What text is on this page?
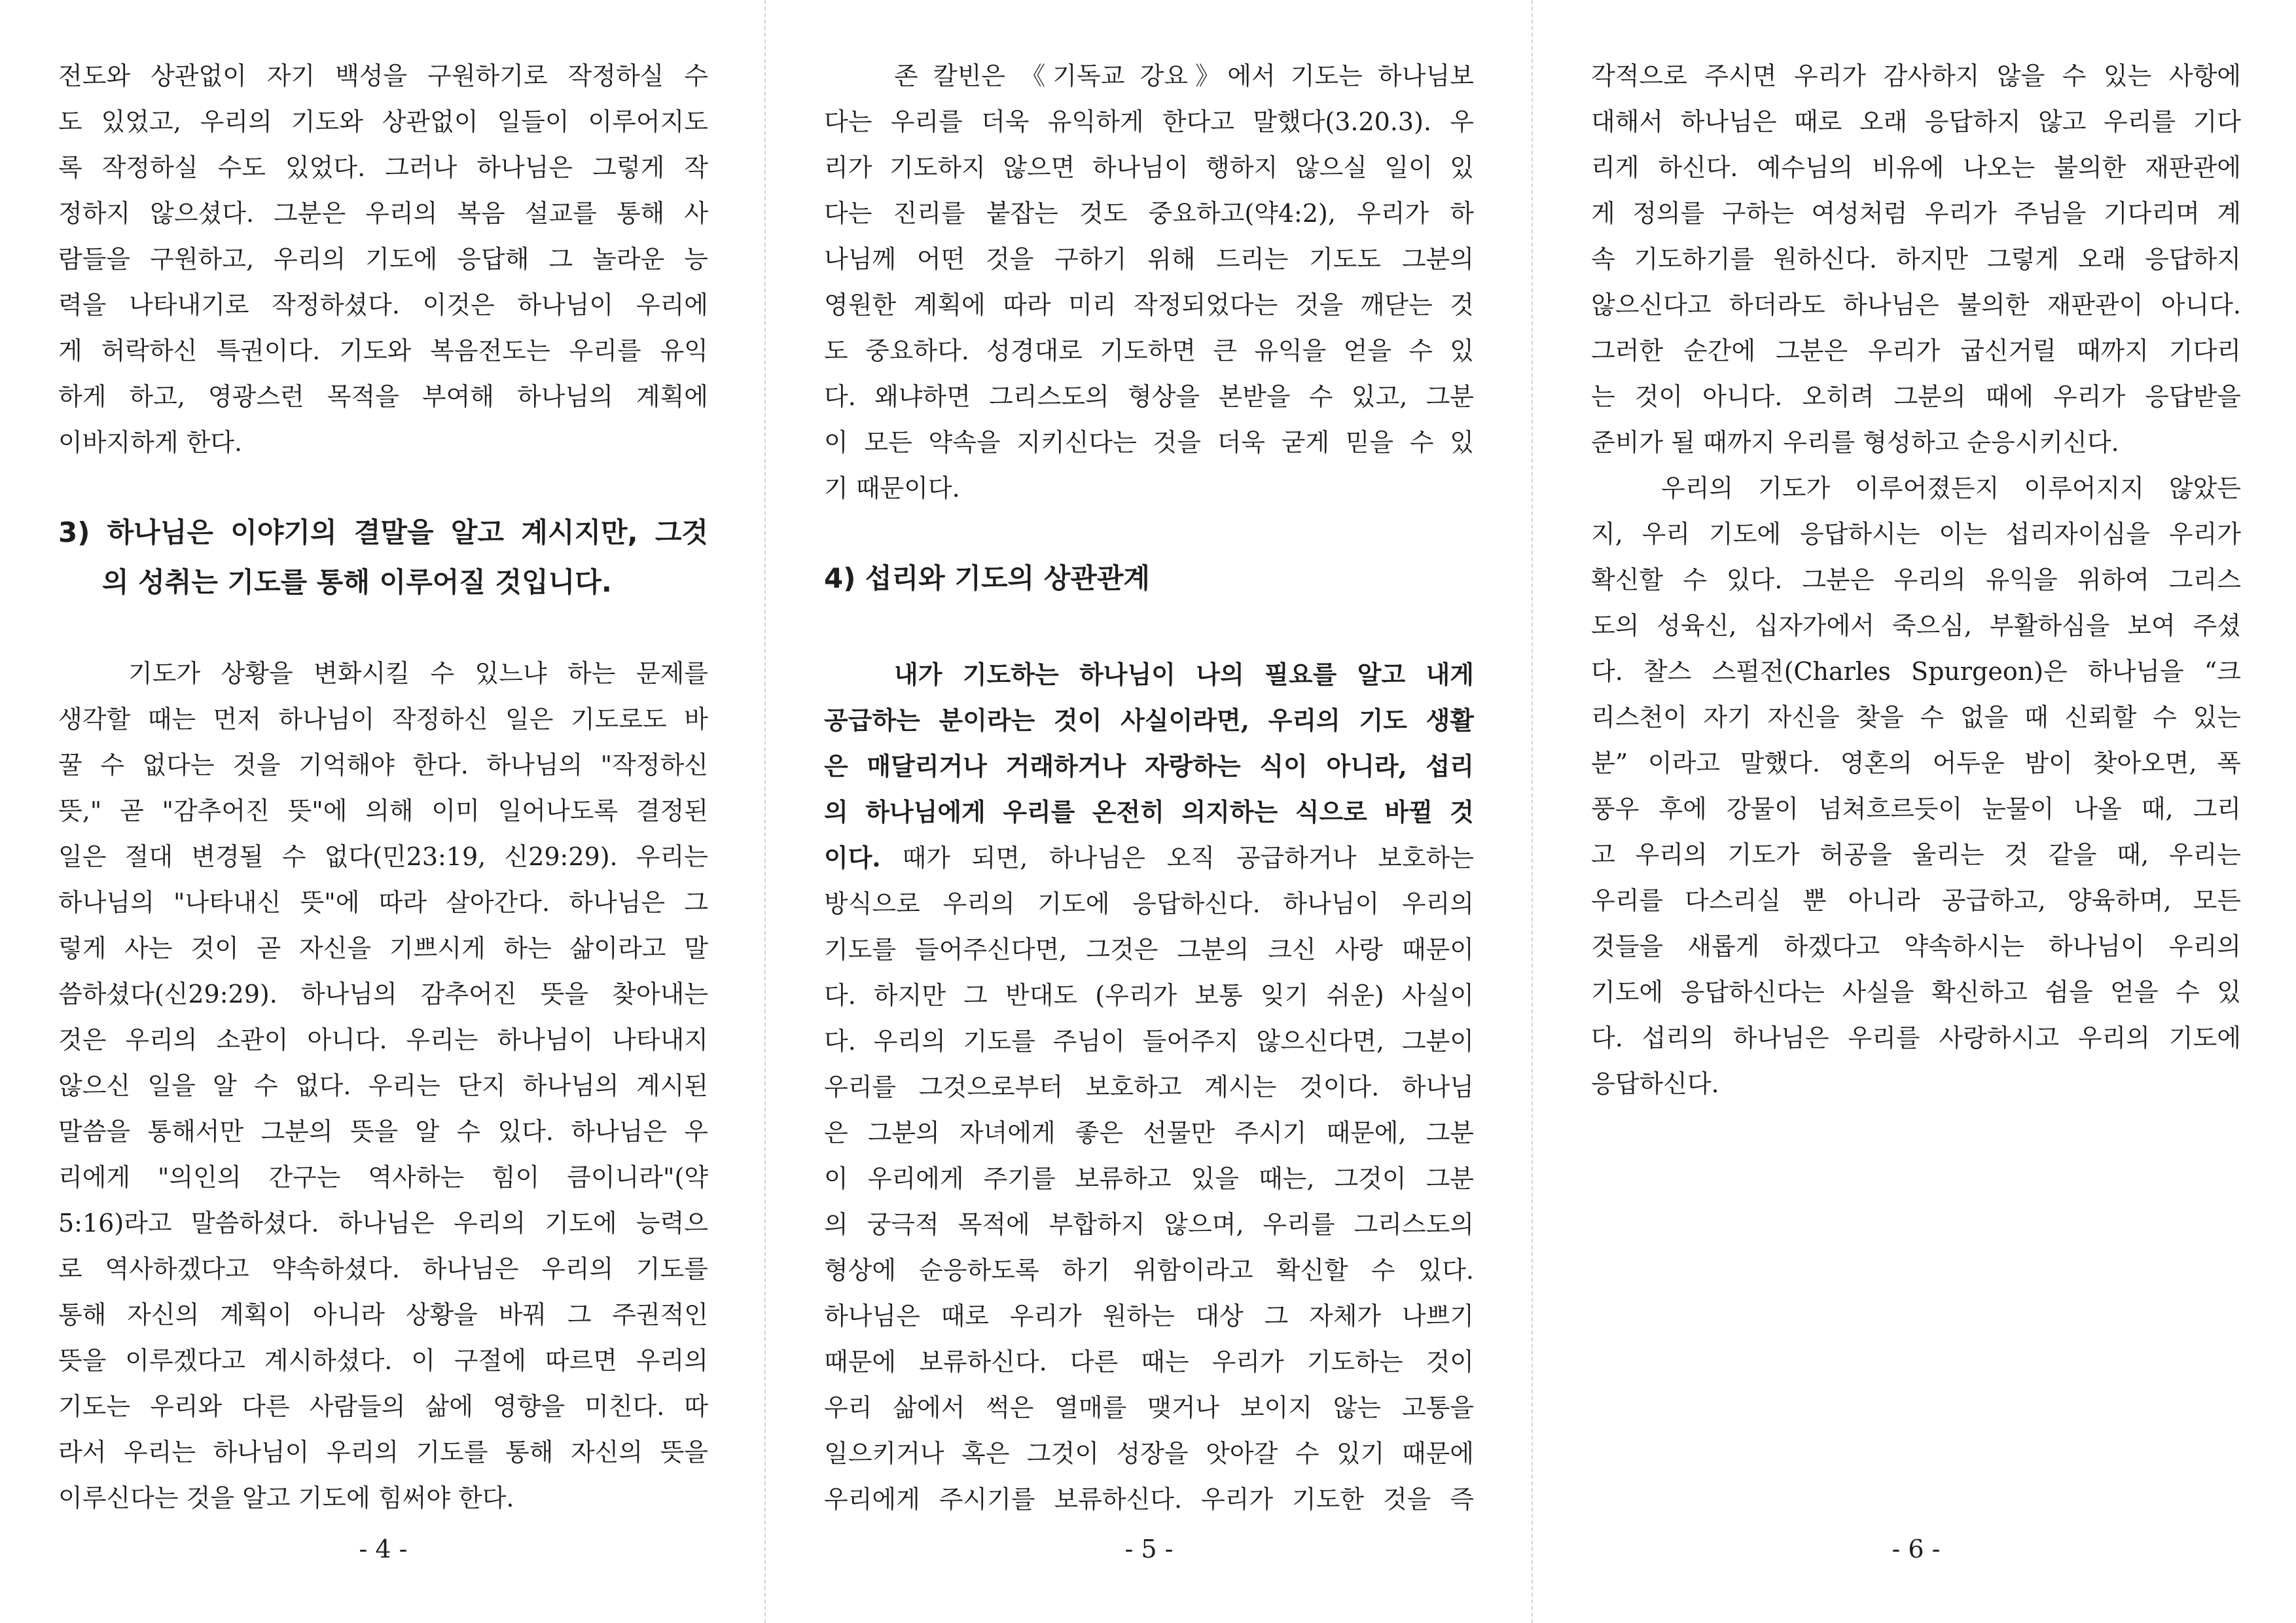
전도와 상관없이 자기 백성을 구원하기로 작정하실 수
도 있었고, 우리의 기도와 상관없이 일들이 이루어지도
록 작정하실 수도 있었다. 그러나 하나님은 그렇게 작
정하지 않으셨다. 그분은 우리의 복음 설교를 통해 사
람들을 구원하고, 우리의 기도에 응답해 그 놀라운 능
력을 나타내기로 작정하셨다. 이것은 하나님이 우리에
게 허락하신 특권이다. 기도와 복음전도는 우리를 유익
하게 하고, 영광스런 목적을 부여해 하나님의 계획에
이바지하게 한다.
3) 하나님은 이야기의 결말을 알고 계시지만, 그것
의 성취는 기도를 통해 이루어질 것입니다.
기도가 상황을 변화시킬 수 있느냐 하는 문제를
생각할 때는 먼저 하나님이 작정하신 일은 기도로도 바
꿀 수 없다는 것을 기억해야 한다. 하나님의 "작정하신
뜻," 곧 "감추어진 뜻"에 의해 이미 일어나도록 결정된
일은 절대 변경될 수 없다(민23:19, 신29:29). 우리는
하나님의 "나타내신 뜻"에 따라 살아간다. 하나님은 그
렇게 사는 것이 곧 자신을 기쁘시게 하는 삶이라고 말
씀하셨다(신29:29). 하나님의 감추어진 뜻을 찾아내는
것은 우리의 소관이 아니다. 우리는 하나님이 나타내지
않으신 일을 알 수 없다. 우리는 단지 하나님의 계시된
말씀을 통해서만 그분의 뜻을 알 수 있다. 하나님은 우
리에게 "의인의 간구는 역사하는 힘이 큼이니라"(약
5:16)라고 말씀하셨다. 하나님은 우리의 기도에 능력으
로 역사하겠다고 약속하셨다. 하나님은 우리의 기도를
통해 자신의 계획이 아니라 상황을 바꿔 그 주권적인
뜻을 이루겠다고 계시하셨다. 이 구절에 따르면 우리의
기도는 우리와 다른 사람들의 삶에 영향을 미친다. 따
라서 우리는 하나님이 우리의 기도를 통해 자신의 뜻을
이루신다는 것을 알고 기도에 힘써야 한다.
- 4 -
존 칼빈은 《기독교 강요》에서 기도는 하나님보
다는 우리를 더욱 유익하게 한다고 말했다(3.20.3). 우
리가 기도하지 않으면 하나님이 행하지 않으실 일이 있
다는 진리를 붙잡는 것도 중요하고(약4:2), 우리가 하
나님께 어떤 것을 구하기 위해 드리는 기도도 그분의
영원한 계획에 따라 미리 작정되었다는 것을 깨닫는 것
도 중요하다. 성경대로 기도하면 큰 유익을 얻을 수 있
다. 왜냐하면 그리스도의 형상을 본받을 수 있고, 그분
이 모든 약속을 지키신다는 것을 더욱 굳게 믿을 수 있
기 때문이다.
4) 섭리와 기도의 상관관계
내가 기도하는 하나님이 나의 필요를 알고 내게
공급하는 분이라는 것이 사실이라면, 우리의 기도 생활
은 매달리거나 거래하거나 자랑하는 식이 아니라, 섭리
의 하나님에게 우리를 온전히 의지하는 식으로 바뀔 것
이다. 때가 되면, 하나님은 오직 공급하거나 보호하는
방식으로 우리의 기도에 응답하신다. 하나님이 우리의
기도를 들어주신다면, 그것은 그분의 크신 사랑 때문이
다. 하지만 그 반대도 (우리가 보통 잊기 쉬운) 사실이
다. 우리의 기도를 주님이 들어주지 않으신다면, 그분이
우리를 그것으로부터 보호하고 계시는 것이다. 하나님
은 그분의 자녀에게 좋은 선물만 주시기 때문에, 그분
이 우리에게 주기를 보류하고 있을 때는, 그것이 그분
의 궁극적 목적에 부합하지 않으며, 우리를 그리스도의
형상에 순응하도록 하기 위함이라고 확신할 수 있다.
하나님은 때로 우리가 원하는 대상 그 자체가 나쁘기
때문에 보류하신다. 다른 때는 우리가 기도하는 것이
우리 삶에서 썩은 열매를 맺거나 보이지 않는 고통을
일으키거나 혹은 그것이 성장을 앗아갈 수 있기 때문에
우리에게 주시기를 보류하신다. 우리가 기도한 것을 즉
- 5 -
각적으로 주시면 우리가 감사하지 않을 수 있는 사항에
대해서 하나님은 때로 오래 응답하지 않고 우리를 기다
리게 하신다. 예수님의 비유에 나오는 불의한 재판관에
게 정의를 구하는 여성처럼 우리가 주님을 기다리며 계
속 기도하기를 원하신다. 하지만 그렇게 오래 응답하지
않으신다고 하더라도 하나님은 불의한 재판관이 아니다.
그러한 순간에 그분은 우리가 굽신거릴 때까지 기다리
는 것이 아니다. 오히려 그분의 때에 우리가 응답받을
준비가 될 때까지 우리를 형성하고 순응시키신다.
우리의 기도가 이루어졌든지 이루어지지 않았든
지, 우리 기도에 응답하시는 이는 섭리자이심을 우리가
확신할 수 있다. 그분은 우리의 유익을 위하여 그리스
도의 성육신, 십자가에서 죽으심, 부활하심을 보여 주셨
다. 찰스 스펄전(Charles Spurgeon)은 하나님을 “크
리스천이 자기 자신을 찾을 수 없을 때 신뢰할 수 있는
분” 이라고 말했다. 영혼의 어두운 밤이 찾아오면, 폭
풍우 후에 강물이 넘쳐흐르듯이 눈물이 나올 때, 그리
고 우리의 기도가 허공을 울리는 것 같을 때, 우리는
우리를 다스리실 뿐 아니라 공급하고, 양육하며, 모든
것들을 새롭게 하겠다고 약속하시는 하나님이 우리의
기도에 응답하신다는 사실을 확신하고 쉼을 얻을 수 있
다. 섭리의 하나님은 우리를 사랑하시고 우리의 기도에
응답하신다.
- 6 -
